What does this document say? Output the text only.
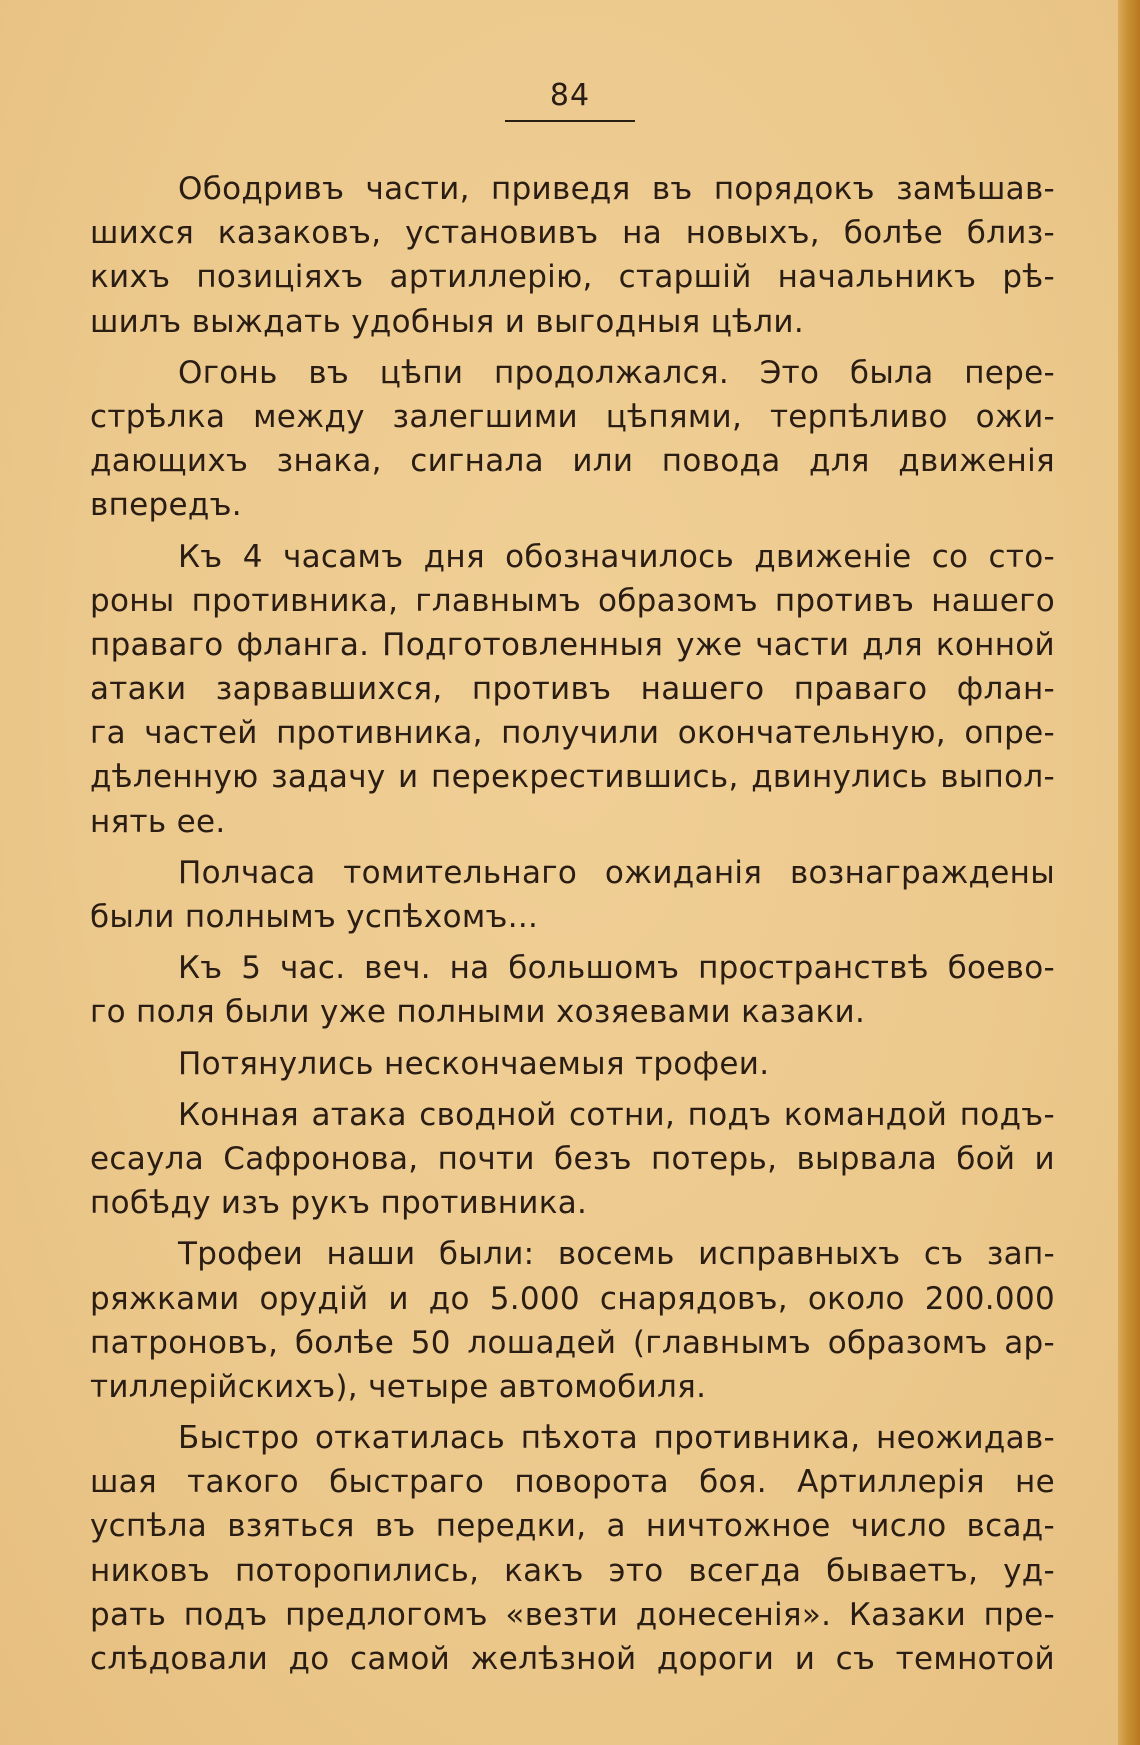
84
Ободривъ части, приведя въ порядокъ замѣшав-
шихся казаковъ, установивъ на новыхъ, болѣе близ-
кихъ позиціяхъ артиллерію, старшій начальникъ рѣ-
шилъ выждать удобныя и выгодныя цѣли.
Огонь въ цѣпи продолжался. Это была пере-
стрѣлка между залегшими цѣпями, терпѣливо ожи-
дающихъ знака, сигнала или повода для движенія
впередъ.
Къ 4 часамъ дня обозначилось движеніе со сто-
роны противника, главнымъ образомъ противъ нашего
праваго фланга. Подготовленныя уже части для конной
атаки зарвавшихся, противъ нашего праваго флан-
га частей противника, получили окончательную, опре-
дѣленную задачу и перекрестившись, двинулись выпол-
нять ее.
Полчаса томительнаго ожиданія вознаграждены
были полнымъ успѣхомъ...
Къ 5 час. веч. на большомъ пространствѣ боево-
го поля были уже полными хозяевами казаки.
Потянулись нескончаемыя трофеи.
Конная атака сводной сотни, подъ командой подъ-
есаула Сафронова, почти безъ потерь, вырвала бой и
побѣду изъ рукъ противника.
Трофеи наши были: восемь исправныхъ съ зап-
ряжками орудій и до 5.000 снарядовъ, около 200.000
патроновъ, болѣе 50 лошадей (главнымъ образомъ ар-
тиллерійскихъ), четыре автомобиля.
Быстро откатилась пѣхота противника, неожидав-
шая такого быстраго поворота боя. Артиллерія не
успѣла взяться въ передки, а ничтожное число всад-
никовъ поторопились, какъ это всегда бываетъ, уд-
рать подъ предлогомъ «везти донесенія». Казаки пре-
слѣдовали до самой желѣзной дороги и съ темнотой
